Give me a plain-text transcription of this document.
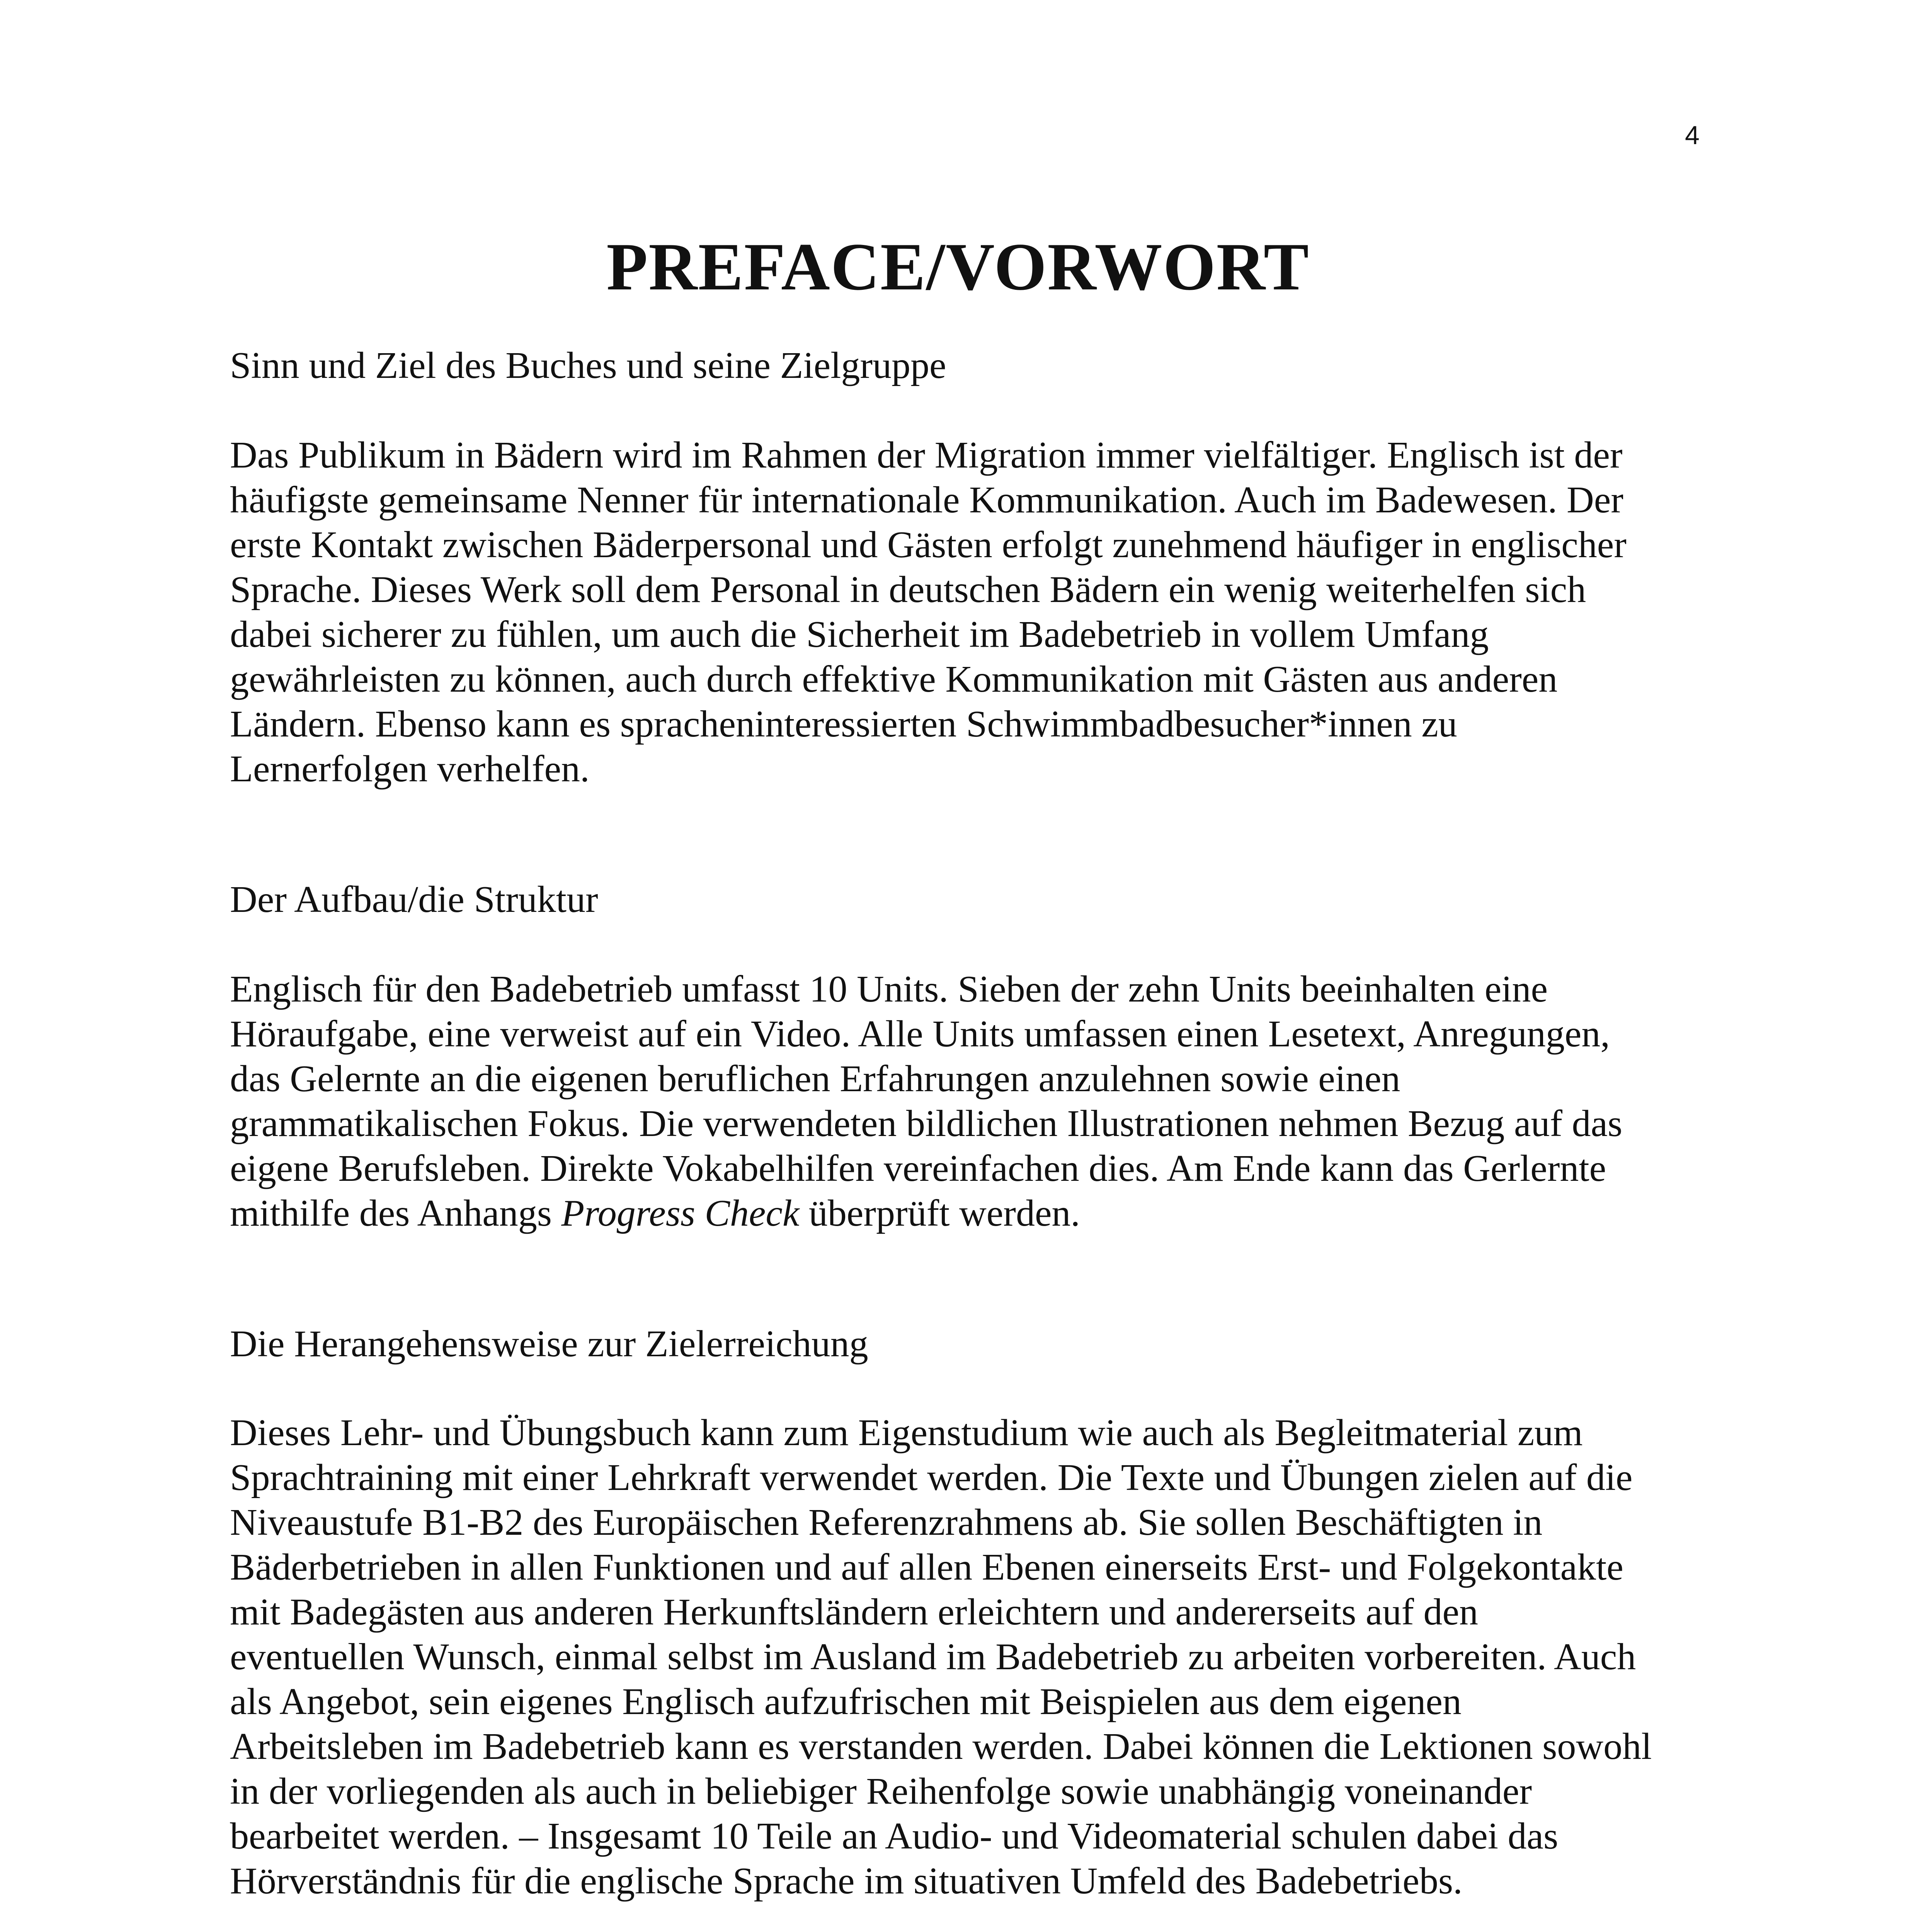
4
PREFACE/VORWORT
Sinn und Ziel des Buches und seine Zielgruppe
Das Publikum in Bädern wird im Rahmen der Migration immer vielfältiger. Englisch ist der
häufigste gemeinsame Nenner für internationale Kommunikation. Auch im Badewesen. Der
erste Kontakt zwischen Bäderpersonal und Gästen erfolgt zunehmend häufiger in englischer
Sprache. Dieses Werk soll dem Personal in deutschen Bädern ein wenig weiterhelfen sich
dabei sicherer zu fühlen, um auch die Sicherheit im Badebetrieb in vollem Umfang
gewährleisten zu können, auch durch effektive Kommunikation mit Gästen aus anderen
Ländern. Ebenso kann es spracheninteressierten Schwimmbadbesucher*innen zu
Lernerfolgen verhelfen.
Der Aufbau/die Struktur
Englisch für den Badebetrieb umfasst 10 Units. Sieben der zehn Units beeinhalten eine
Höraufgabe, eine verweist auf ein Video. Alle Units umfassen einen Lesetext, Anregungen,
das Gelernte an die eigenen beruflichen Erfahrungen anzulehnen sowie einen
grammatikalischen Fokus. Die verwendeten bildlichen Illustrationen nehmen Bezug auf das
eigene Berufsleben. Direkte Vokabelhilfen vereinfachen dies. Am Ende kann das Gerlernte
mithilfe des Anhangs Progress Check überprüft werden.
Die Herangehensweise zur Zielerreichung
Dieses Lehr- und Übungsbuch kann zum Eigenstudium wie auch als Begleitmaterial zum
Sprachtraining mit einer Lehrkraft verwendet werden. Die Texte und Übungen zielen auf die
Niveaustufe B1-B2 des Europäischen Referenzrahmens ab. Sie sollen Beschäftigten in
Bäderbetrieben in allen Funktionen und auf allen Ebenen einerseits Erst- und Folgekontakte
mit Badegästen aus anderen Herkunftsländern erleichtern und andererseits auf den
eventuellen Wunsch, einmal selbst im Ausland im Badebetrieb zu arbeiten vorbereiten. Auch
als Angebot, sein eigenes Englisch aufzufrischen mit Beispielen aus dem eigenen
Arbeitsleben im Badebetrieb kann es verstanden werden. Dabei können die Lektionen sowohl
in der vorliegenden als auch in beliebiger Reihenfolge sowie unabhängig voneinander
bearbeitet werden. – Insgesamt 10 Teile an Audio- und Videomaterial schulen dabei das
Hörverständnis für die englische Sprache im situativen Umfeld des Badebetriebs.
